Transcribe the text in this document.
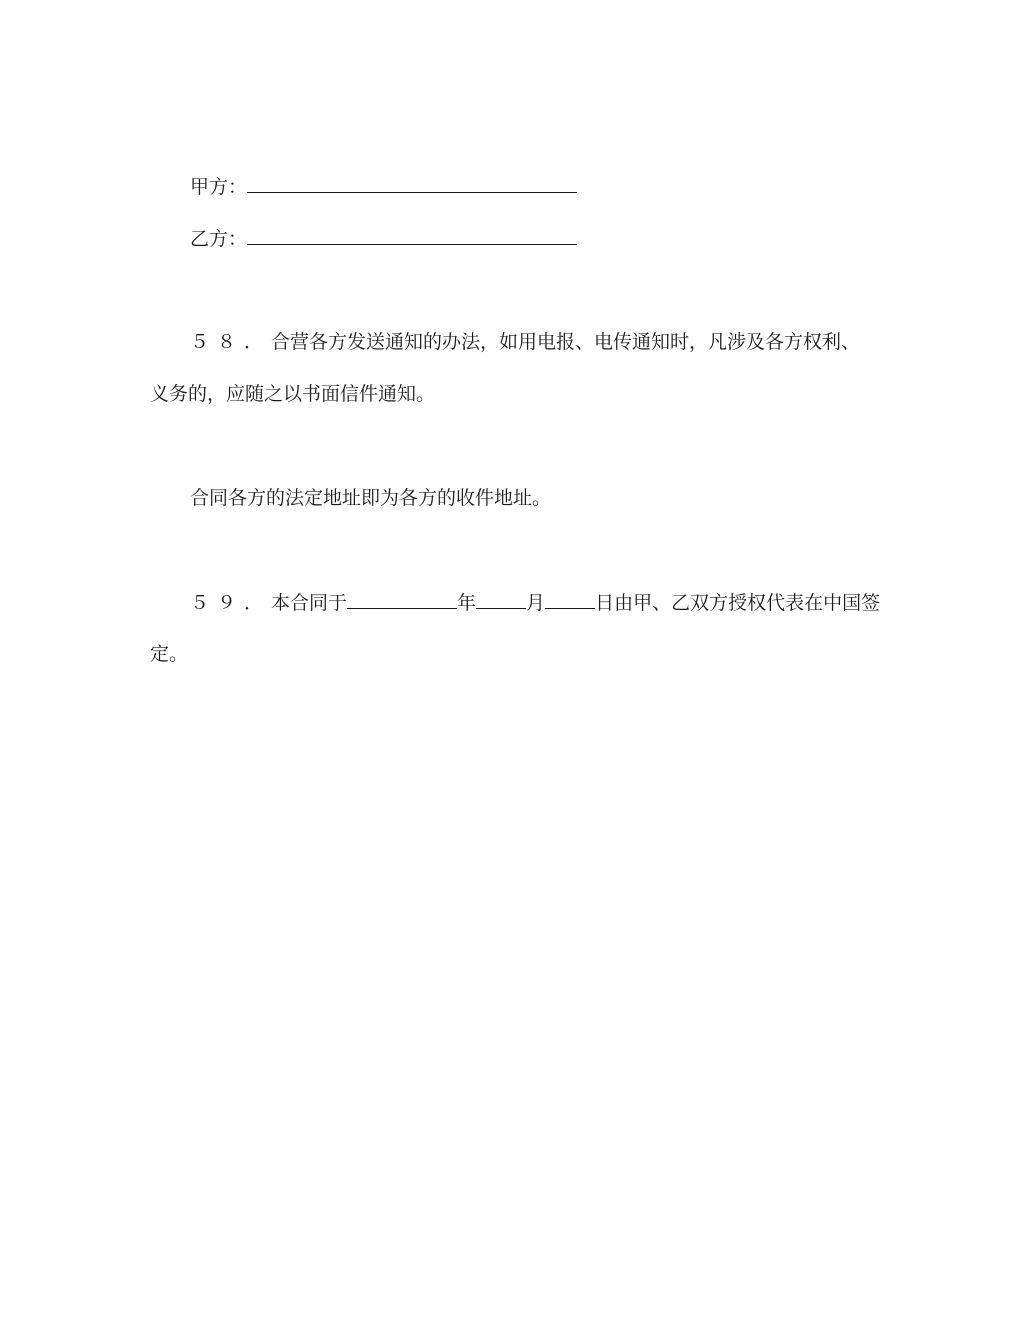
甲方：
乙方：
５８．合营各方发送通知的办法，如用电报、电传通知时，凡涉及各方权利、
义务的，应随之以书面信件通知。
合同各方的法定地址即为各方的收件地址。
５９．本合同于	年	月	日由甲、乙双方授权代表在中国签
定。
